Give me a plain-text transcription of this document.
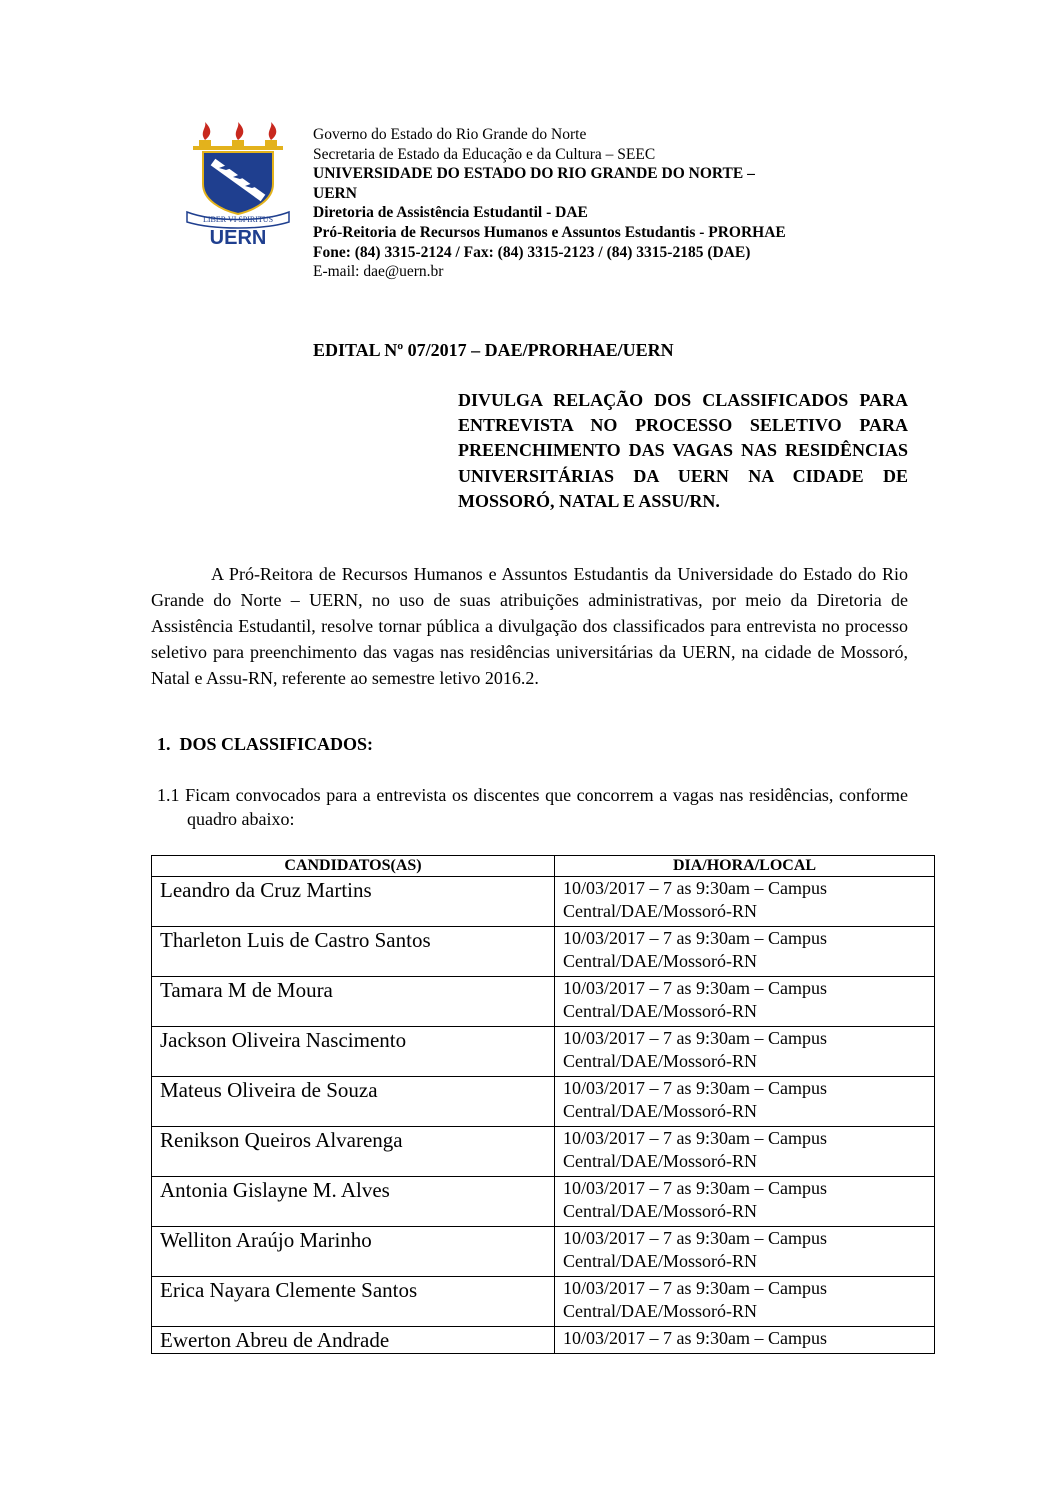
LIBER VI SPIRITUS
UERN
Governo do Estado do Rio Grande do Norte
Secretaria de Estado da Educação e da Cultura – SEEC
UNIVERSIDADE DO ESTADO DO RIO GRANDE DO NORTE –
UERN
Diretoria de Assistência Estudantil - DAE
Pró-Reitoria de Recursos Humanos e Assuntos Estudantis - PRORHAE
Fone: (84) 3315-2124 / Fax: (84) 3315-2123 / (84) 3315-2185 (DAE)
E-mail: dae@uern.br
EDITAL Nº 07/2017 – DAE/PRORHAE/UERN
DIVULGA RELAÇÃO DOS CLASSIFICADOS PARA ENTREVISTA NO PROCESSO SELETIVO PARA PREENCHIMENTO DAS VAGAS NAS RESIDÊNCIAS UNIVERSITÁRIAS DA UERN NA CIDADE DE MOSSORÓ, NATAL E ASSU/RN.
A Pró-Reitora de Recursos Humanos e Assuntos Estudantis da Universidade do Estado do Rio Grande do Norte – UERN, no uso de suas atribuições administrativas, por meio da Diretoria de Assistência Estudantil, resolve tornar pública a divulgação dos classificados para entrevista no processo seletivo para preenchimento das vagas nas residências universitárias da UERN, na cidade de Mossoró, Natal e Assu-RN, referente ao semestre letivo 2016.2.
1. DOS CLASSIFICADOS:
1.1 Ficam convocados para a entrevista os discentes que concorrem a vagas nas residências, conforme quadro abaixo:
CANDIDATOS(AS)	DIA/HORA/LOCAL
Leandro da Cruz Martins	10/03/2017 – 7 as 9:30am – Campus
Central/DAE/Mossoró-RN

Tharleton Luis de Castro Santos	10/03/2017 – 7 as 9:30am – Campus
Central/DAE/Mossoró-RN

Tamara M de Moura	10/03/2017 – 7 as 9:30am – Campus
Central/DAE/Mossoró-RN

Jackson Oliveira Nascimento	10/03/2017 – 7 as 9:30am – Campus
Central/DAE/Mossoró-RN

Mateus Oliveira de Souza	10/03/2017 – 7 as 9:30am – Campus
Central/DAE/Mossoró-RN

Renikson Queiros Alvarenga	10/03/2017 – 7 as 9:30am – Campus
Central/DAE/Mossoró-RN

Antonia Gislayne M. Alves	10/03/2017 – 7 as 9:30am – Campus
Central/DAE/Mossoró-RN

Welliton Araújo Marinho	10/03/2017 – 7 as 9:30am – Campus
Central/DAE/Mossoró-RN

Erica Nayara Clemente Santos	10/03/2017 – 7 as 9:30am – Campus
Central/DAE/Mossoró-RN

Ewerton Abreu de Andrade	10/03/2017 – 7 as 9:30am – Campus
